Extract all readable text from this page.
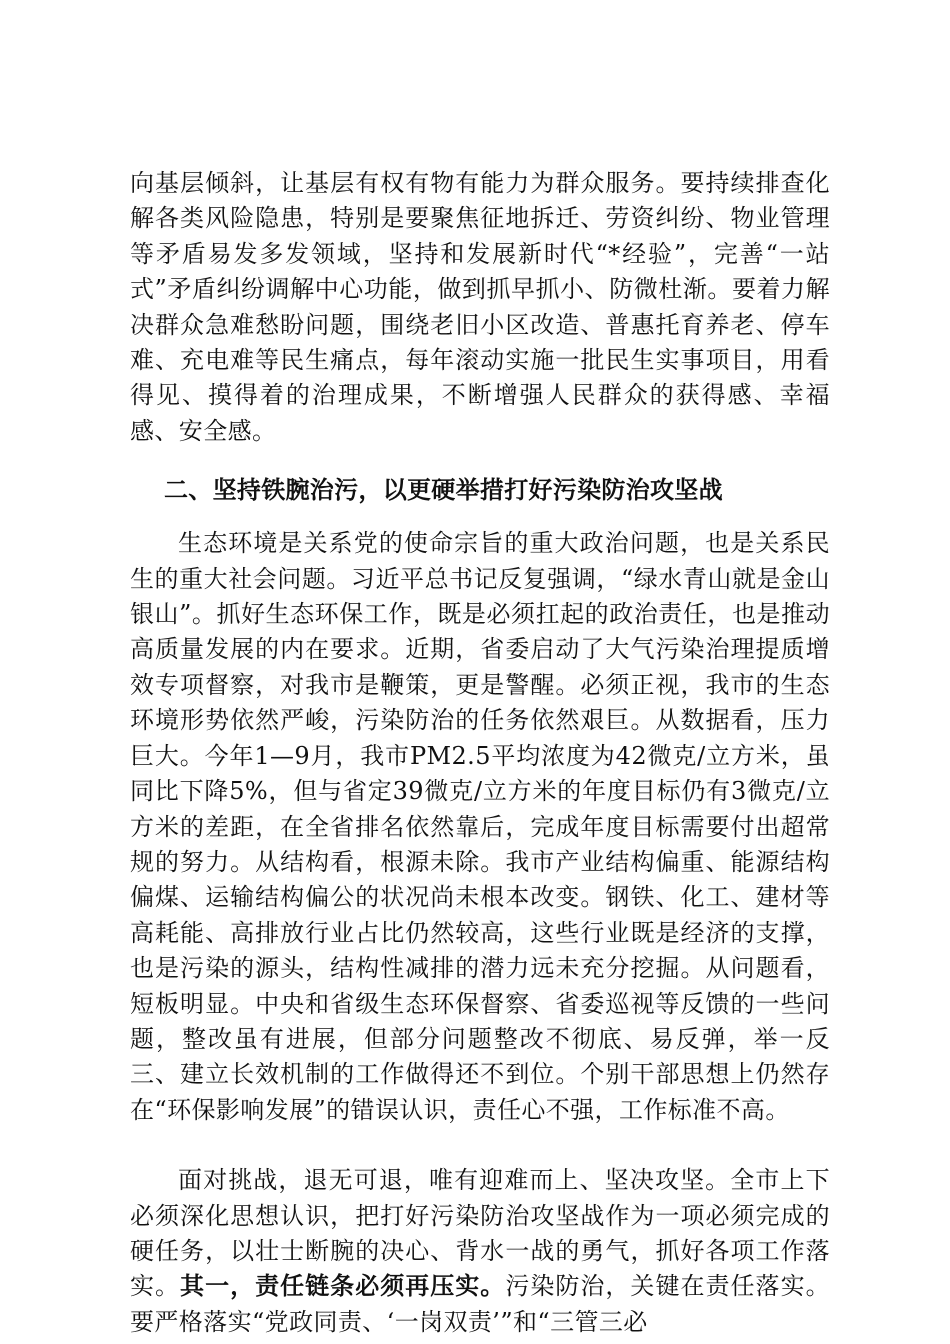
向基层倾斜，让基层有权有物有能力为群众服务。要持续排查化解各类风险隐患，特别是要聚焦征地拆迁、劳资纠纷、物业管理等矛盾易发多发领域，坚持和发展新时代“*经验”，完善“一站式”矛盾纠纷调解中心功能，做到抓早抓小、防微杜渐。要着力解决群众急难愁盼问题，围绕老旧小区改造、普惠托育养老、停车难、充电难等民生痛点，每年滚动实施一批民生实事项目，用看得见、摸得着的治理成果，不断增强人民群众的获得感、幸福感、安全感。

二、坚持铁腕治污，以更硬举措打好污染防治攻坚战

生态环境是关系党的使命宗旨的重大政治问题，也是关系民生的重大社会问题。习近平总书记反复强调，“绿水青山就是金山银山”。抓好生态环保工作，既是必须扛起的政治责任，也是推动高质量发展的内在要求。近期，省委启动了大气污染治理提质增效专项督察，对我市是鞭策，更是警醒。必须正视，我市的生态环境形势依然严峻，污染防治的任务依然艰巨。从数据看，压力巨大。今年1—9月，我市PM2.5平均浓度为42微克/立方米，虽同比下降5%，但与省定39微克/立方米的年度目标仍有3微克/立方米的差距，在全省排名依然靠后，完成年度目标需要付出超常规的努力。从结构看，根源未除。我市产业结构偏重、能源结构偏煤、运输结构偏公的状况尚未根本改变。钢铁、化工、建材等高耗能、高排放行业占比仍然较高，这些行业既是经济的支撑，也是污染的源头，结构性减排的潜力远未充分挖掘。从问题看，短板明显。中央和省级生态环保督察、省委巡视等反馈的一些问题，整改虽有进展，但部分问题整改不彻底、易反弹，举一反三、建立长效机制的工作做得还不到位。个别干部思想上仍然存在“环保影响发展”的错误认识，责任心不强，工作标准不高。

面对挑战，退无可退，唯有迎难而上、坚决攻坚。全市上下必须深化思想认识，把打好污染防治攻坚战作为一项必须完成的硬任务，以壮士断腕的决心、背水一战的勇气，抓好各项工作落实。其一，责任链条必须再压实。污染防治，关键在责任落实。要严格落实“党政同责、‘一岗双责’”和“三管三必
